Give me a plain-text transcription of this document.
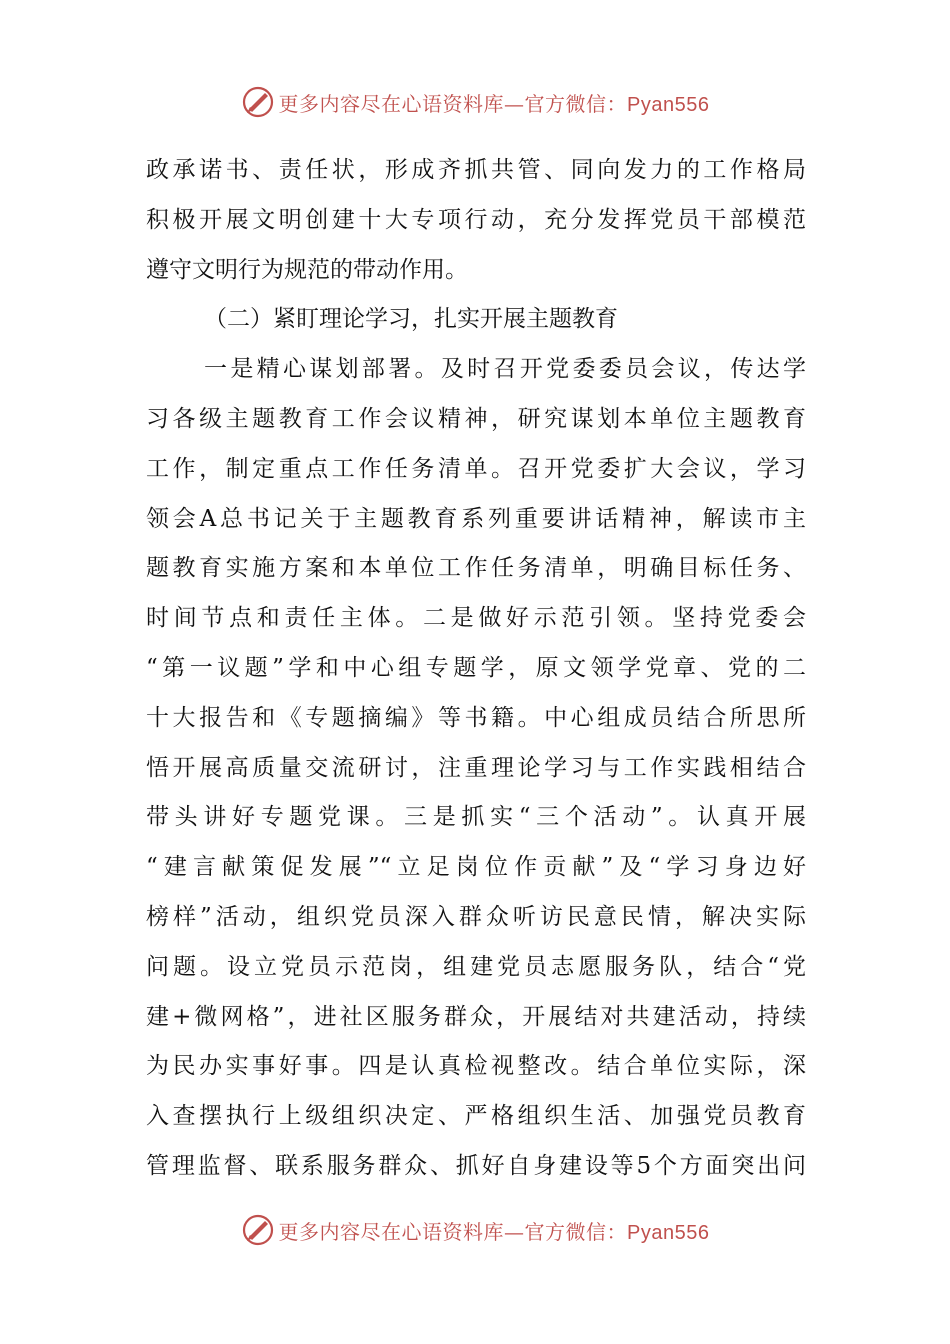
更多内容尽在心语资料库—官方微信：Pyan556
政承诺书、责任状，形成齐抓共管、同向发力的工作格局
积极开展文明创建十大专项行动，充分发挥党员干部模范
遵守文明行为规范的带动作用。
（二）紧盯理论学习，扎实开展主题教育
一是精心谋划部署。及时召开党委委员会议，传达学
习各级主题教育工作会议精神，研究谋划本单位主题教育
工作，制定重点工作任务清单。召开党委扩大会议，学习
领会A总书记关于主题教育系列重要讲话精神，解读市主
题教育实施方案和本单位工作任务清单，明确目标任务、
时间节点和责任主体。二是做好示范引领。坚持党委会
“第一议题”学和中心组专题学，原文领学党章、党的二
十大报告和《专题摘编》等书籍。中心组成员结合所思所
悟开展高质量交流研讨，注重理论学习与工作实践相结合
带头讲好专题党课。三是抓实“三个活动”。认真开展
“建言献策促发展”“立足岗位作贡献”及“学习身边好
榜样”活动，组织党员深入群众听访民意民情，解决实际
问题。设立党员示范岗，组建党员志愿服务队，结合“党
建+微网格”，进社区服务群众，开展结对共建活动，持续
为民办实事好事。四是认真检视整改。结合单位实际，深
入查摆执行上级组织决定、严格组织生活、加强党员教育
管理监督、联系服务群众、抓好自身建设等5个方面突出问
更多内容尽在心语资料库—官方微信：Pyan556
